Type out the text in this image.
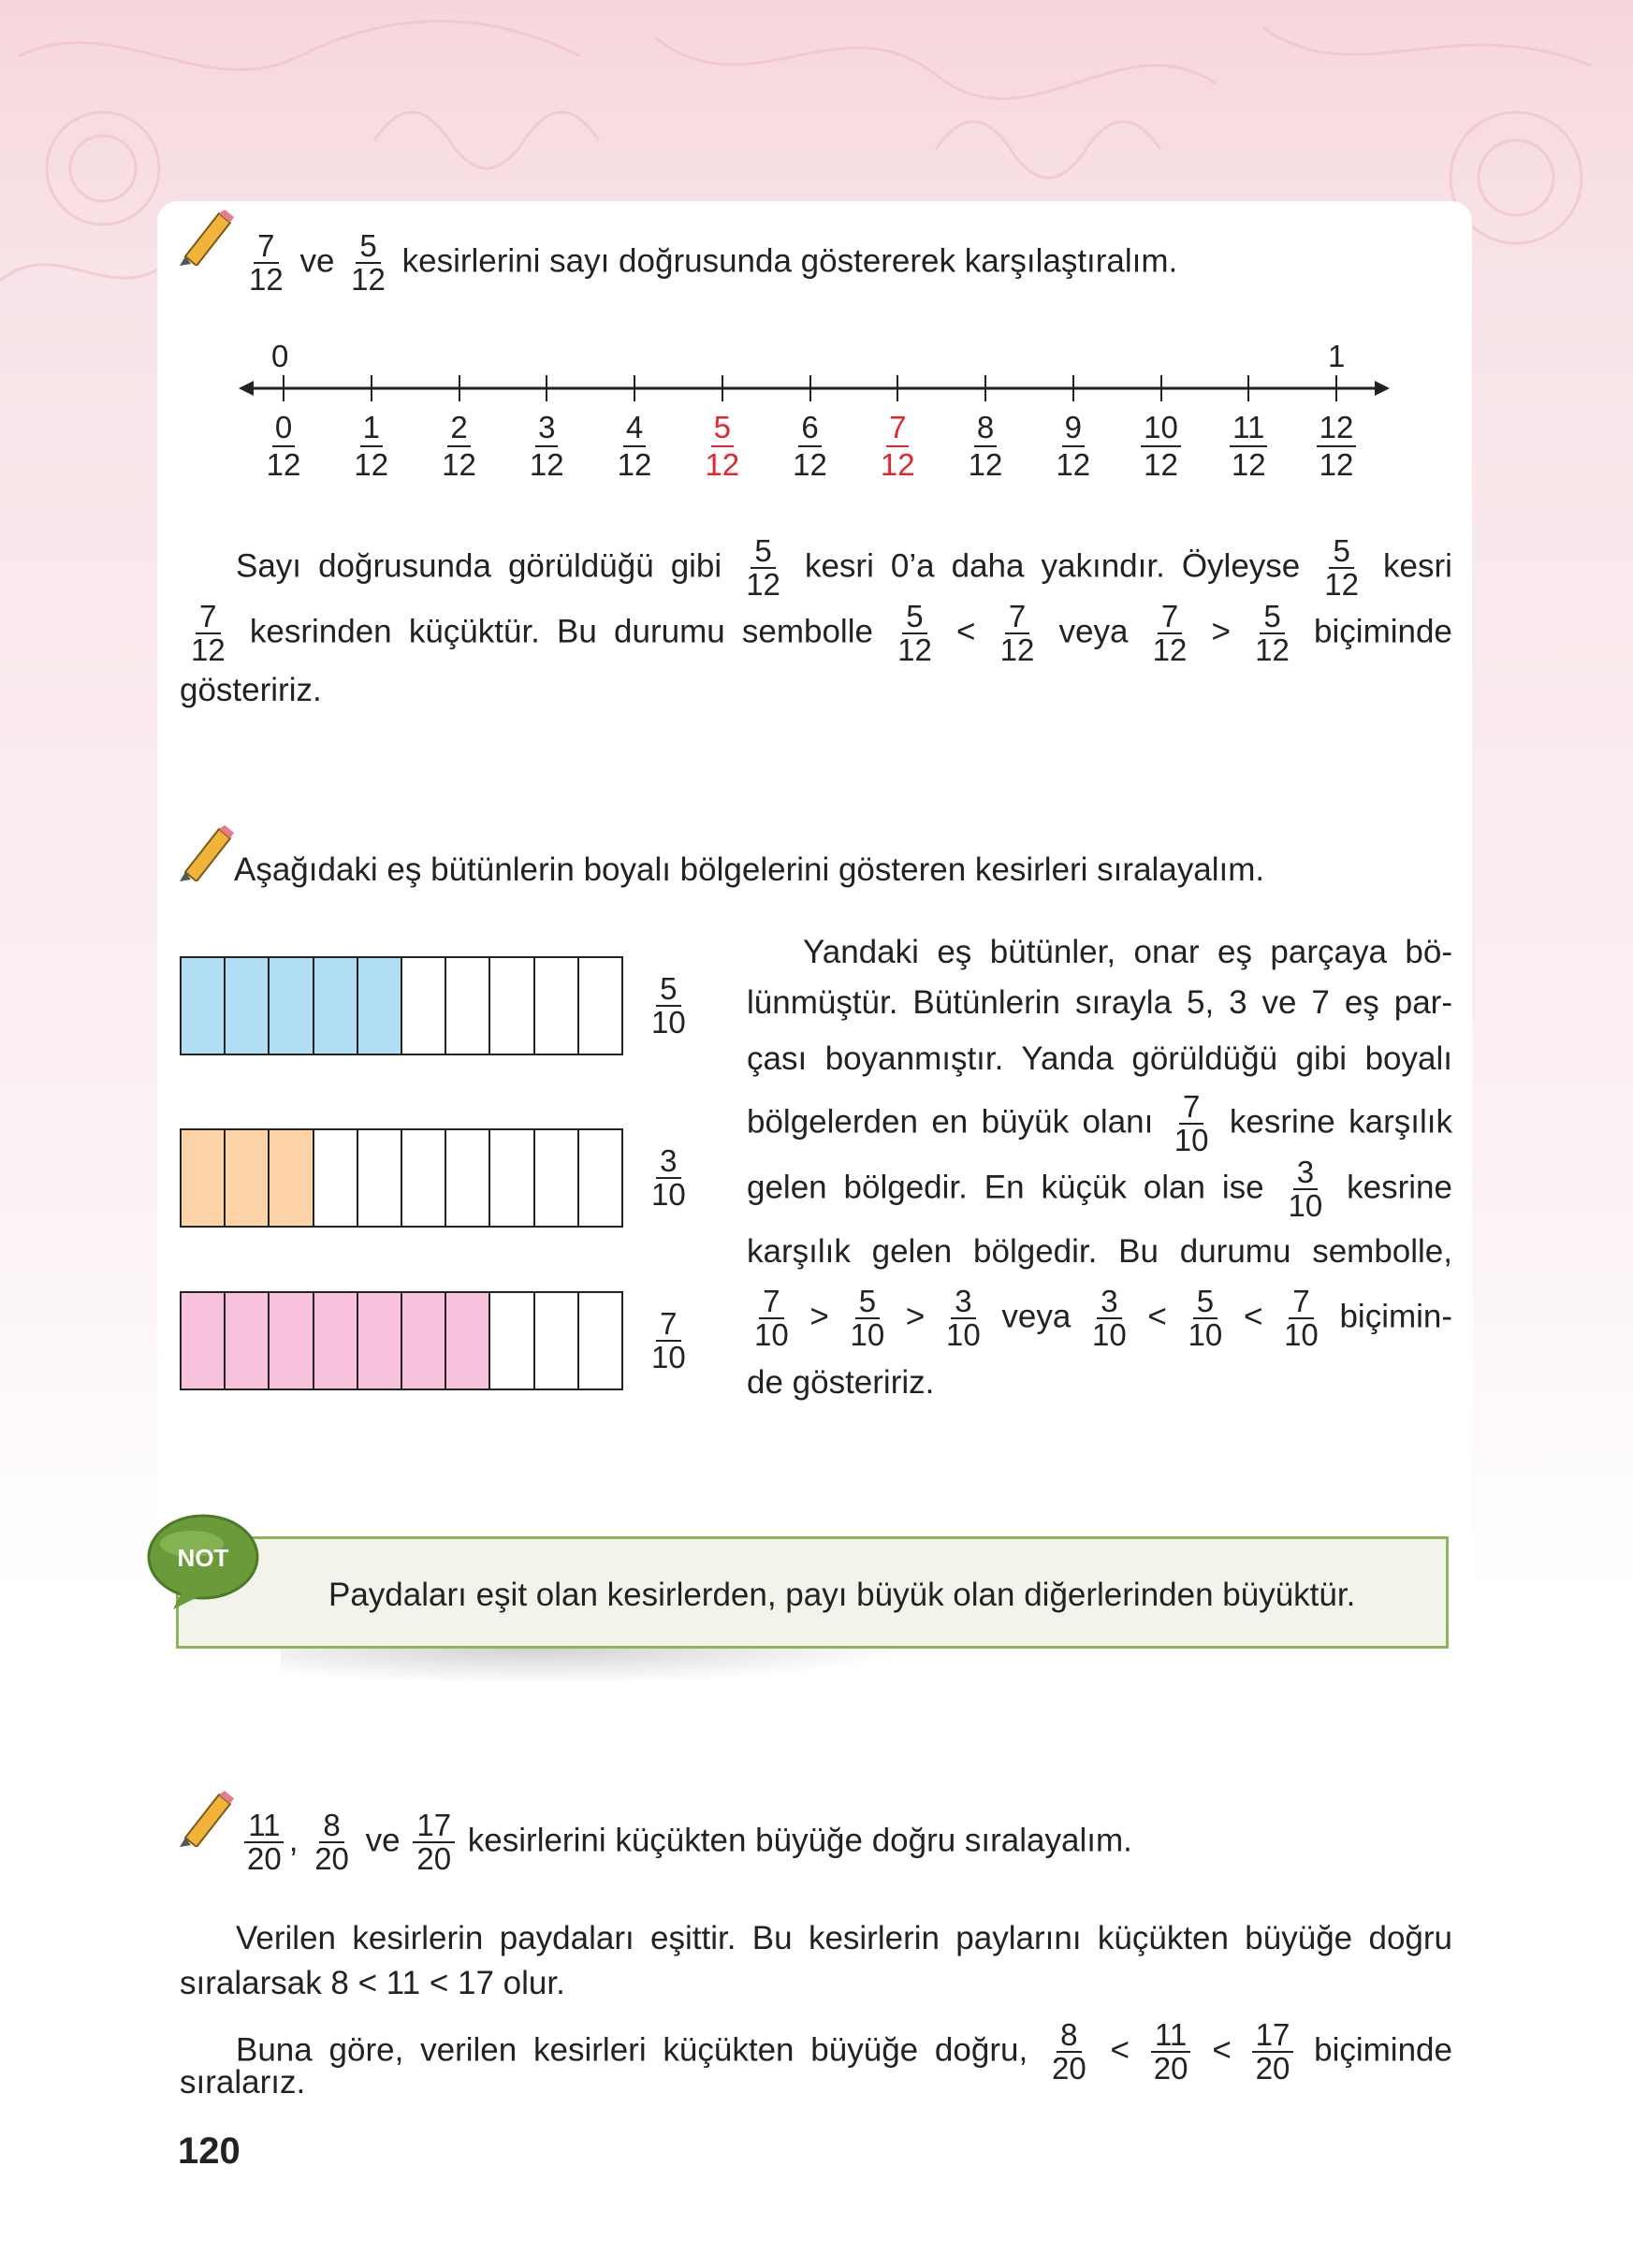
$\frac{7}{12}$ ve $\frac{5}{12}$ kesirlerini sayı doğrusunda göstererek karşılaştıralım.
0	1
$\frac{0}{12} \frac{1}{12} \frac{2}{12} \frac{3}{12} \frac{4}{12} \frac{5}{12} \frac{6}{12} \frac{7}{12} \frac{8}{12} \frac{9}{12} \frac{10}{12} \frac{11}{12} \frac{12}{12}$
Sayı doğrusunda görüldüğü gibi $\frac{5}{12}$ kesri 0’a daha yakındır. Öyleyse $\frac{5}{12}$ kesri
$\frac{7}{12}$ kesrinden küçüktür. Bu durumu sembolle $\frac{5}{12} < \frac{7}{12}$ veya $\frac{7}{12} > \frac{5}{12}$ biçiminde
gösteririz.
Aşağıdaki eş bütünlerin boyalı bölgelerini gösteren kesirleri sıralayalım.
$\frac{5}{10}$
$\frac{3}{10}$
$\frac{7}{10}$
Yandaki eş bütünler, onar eş parçaya bö-
lünmüştür. Bütünlerin sırayla 5, 3 ve 7 eş par-
çası boyanmıştır. Yanda görüldüğü gibi boyalı
bölgelerden en büyük olanı $\frac{7}{10}$ kesrine karşılık
gelen bölgedir. En küçük olan ise $\frac{3}{10}$ kesrine
karşılık gelen bölgedir. Bu durumu sembolle,
$\frac{7}{10} > \frac{5}{10} > \frac{3}{10}$ veya $\frac{3}{10} < \frac{5}{10} < \frac{7}{10}$ biçimin-
de gösteririz.
Paydaları eşit olan kesirlerden, payı büyük olan diğerlerinden büyüktür.
NOT
$\frac{11}{20}$ , $\frac{8}{20}$ ve $\frac{17}{20}$ kesirlerini küçükten büyüğe doğru sıralayalım.
Verilen kesirlerin paydaları eşittir. Bu kesirlerin paylarını küçükten büyüğe doğru
sıralarsak 8 < 11 < 17 olur.
Buna göre, verilen kesirleri küçükten büyüğe doğru, $\frac{8}{20} < \frac{11}{20} < \frac{17}{20}$ biçiminde
sıralarız.
120
